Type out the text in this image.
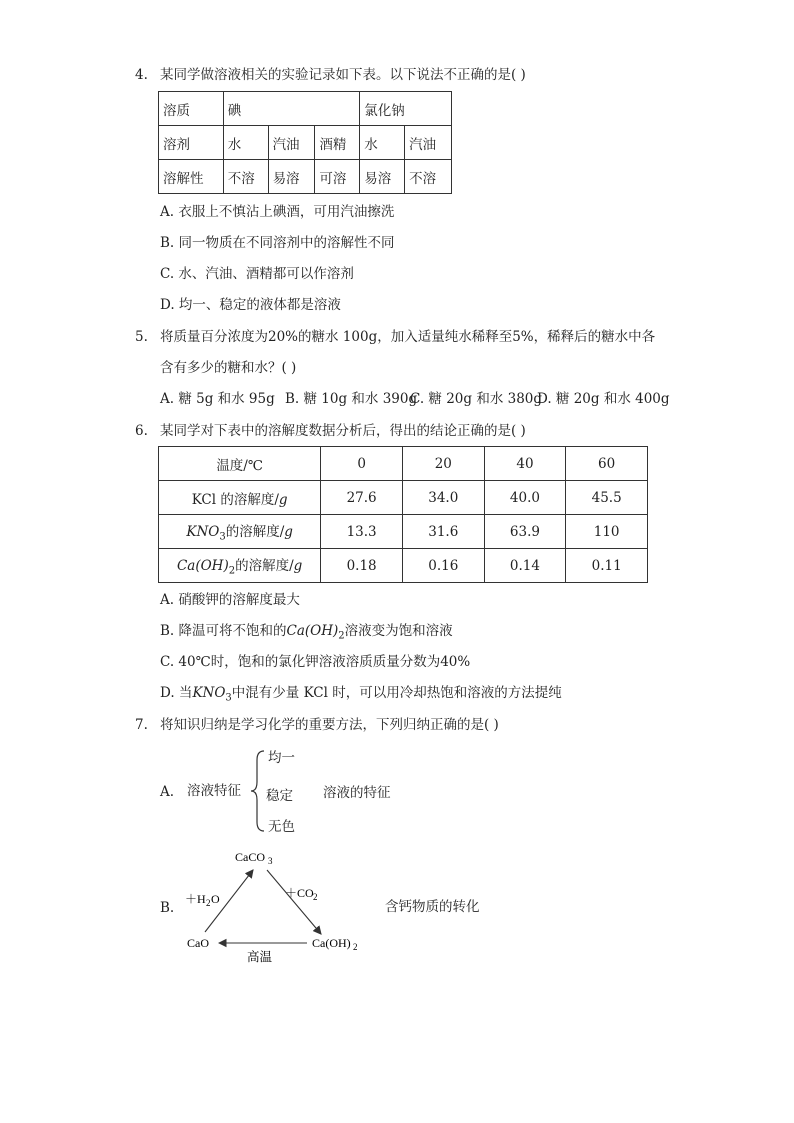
4. 某同学做溶液相关的实验记录如下表。以下说法不正确的是( )
溶质	碘			氯化钠	
溶剂	水	汽油	酒精	水	汽油
溶解性	不溶	易溶	可溶	易溶	不溶
A. 衣服上不慎沾上碘酒，可用汽油擦洗
B. 同一物质在不同溶剂中的溶解性不同
C. 水、汽油、酒精都可以作溶剂
D. 均一、稳定的液体都是溶液
5. 将质量百分浓度为20%的糖水 100g，加入适量纯水稀释至5%，稀释后的糖水中各
含有多少的糖和水？( )
A. 糖 5g 和水 95g B. 糖 10g 和水 390g
C. 糖 20g 和水 380g
D. 糖 20g 和水 400g
6. 某同学对下表中的溶解度数据分析后，得出的结论正确的是( )
温度/℃	0	20	40	60
KCl 的溶解度/g	27.6	34.0	40.0	45.5
$KNO_3$的溶解度/g	13.3	31.6	63.9	110
$Ca(OH)_2$的溶解度/g	0.18	0.16	0.14	0.11
A. 硝酸钾的溶解度最大
B. 降温可将不饱和的$Ca(OH)_2$溶液变为饱和溶液
C. 40℃时，饱和的氯化钾溶液溶质质量分数为40%
D. 当$KNO_3$中混有少量 KCl 时，可以用冷却热饱和溶液的方法提纯
7. 将知识归纳是学习化学的重要方法，下列归纳正确的是( )
A. 溶液特征
均一
稳定
无色
溶液的特征
B.
CaCO 3
CaO	Ca(OH) 2
＋H 2 O	＋CO 2
高温
含钙物质的转化
